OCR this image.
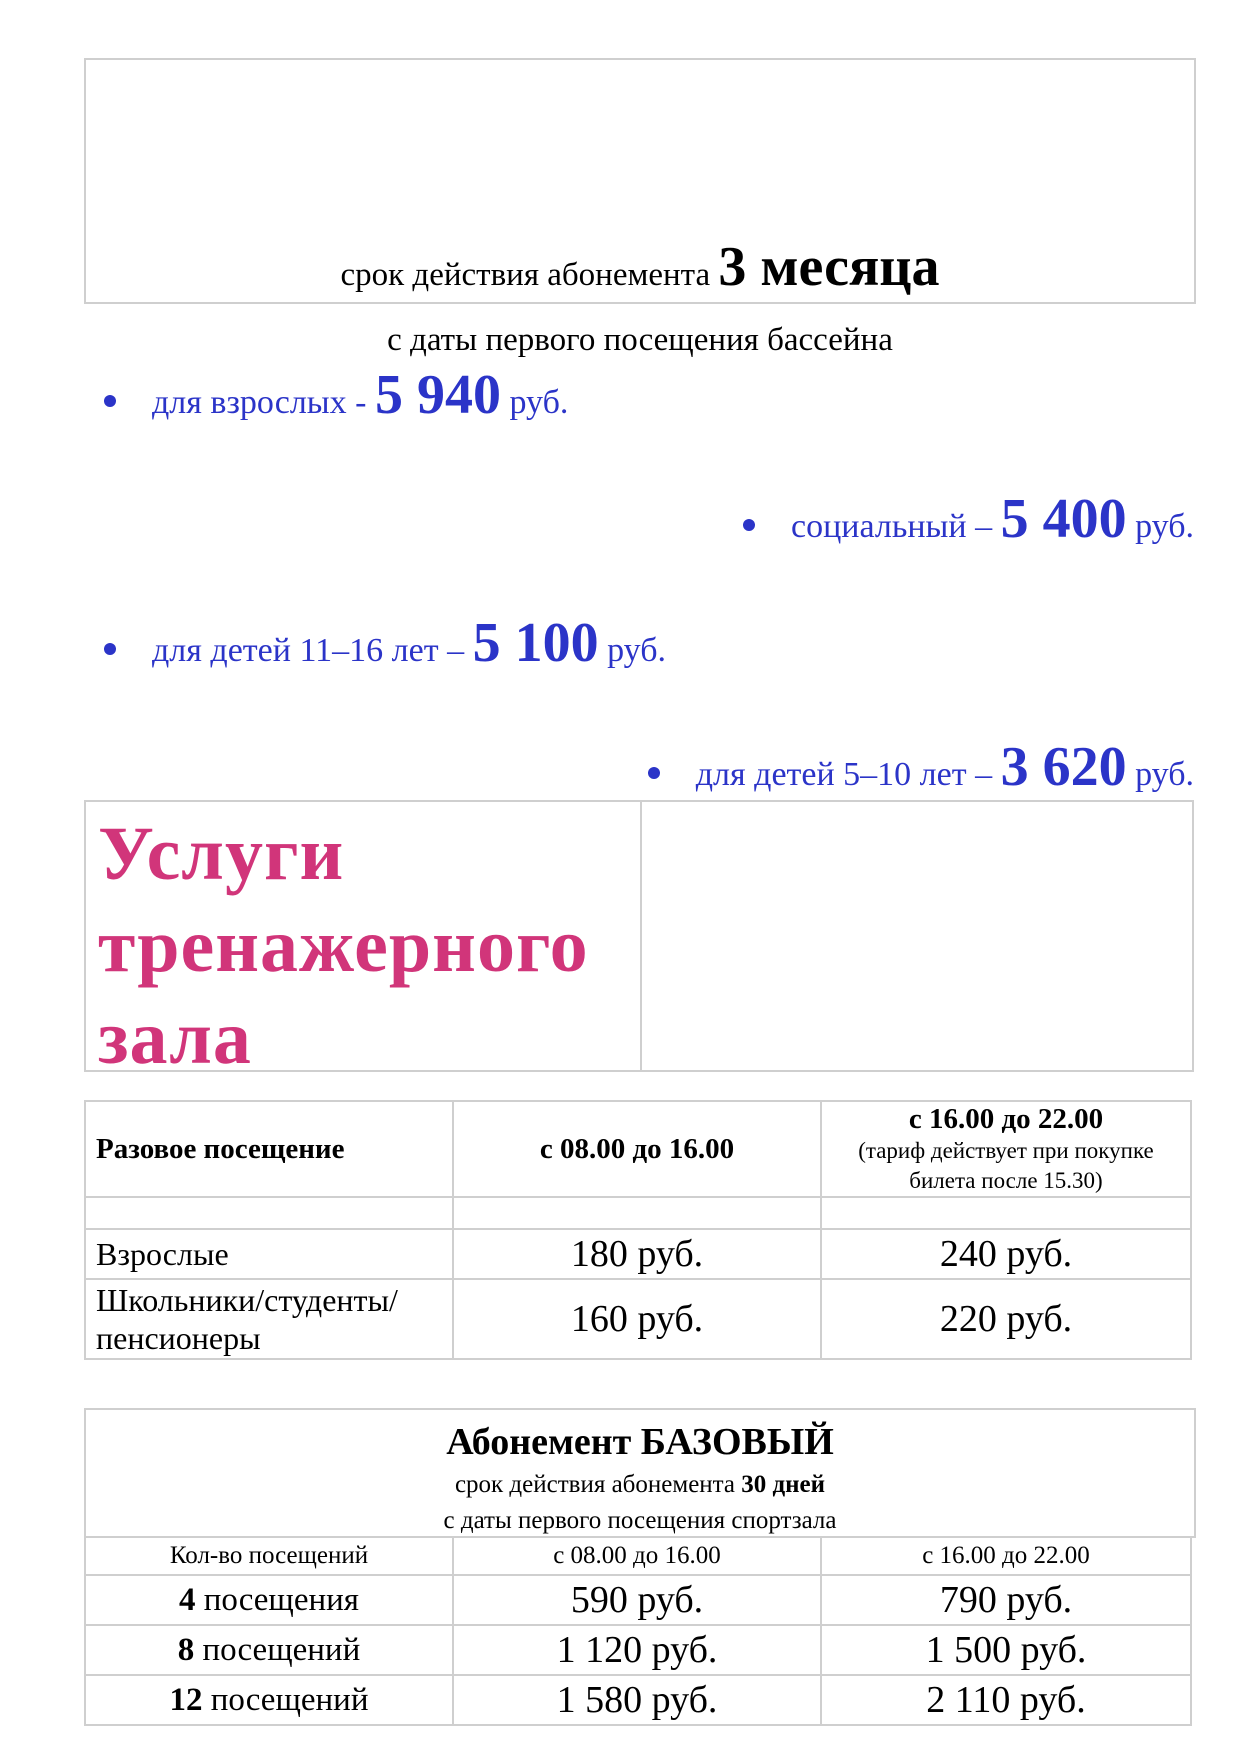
срок действия абонемента 3 месяца
с даты первого посещения бассейна
для взрослых - 5 940 руб.
социальный – 5 400 руб.
для детей 11–16 лет – 5 100 руб.
для детей 5–10 лет – 3 620 руб.
Услуги
тренажерного
зала
Разовое посещение	с 08.00 до 16.00	с 16.00 до 22.00
(тариф действует при покупке
билета после 15.30)

Взрослые	180 руб.	240 руб.
Школьники/студенты/
пенсионеры	160 руб.	220 руб.
Абонемент БАЗОВЫЙ
срок действия абонемента 30 дней
с даты первого посещения спортзала
Кол-во посещений	с 08.00 до 16.00	с 16.00 до 22.00
4 посещения	590 руб.	790 руб.
8 посещений	1 120 руб.	1 500 руб.
12 посещений	1 580 руб.	2 110 руб.
